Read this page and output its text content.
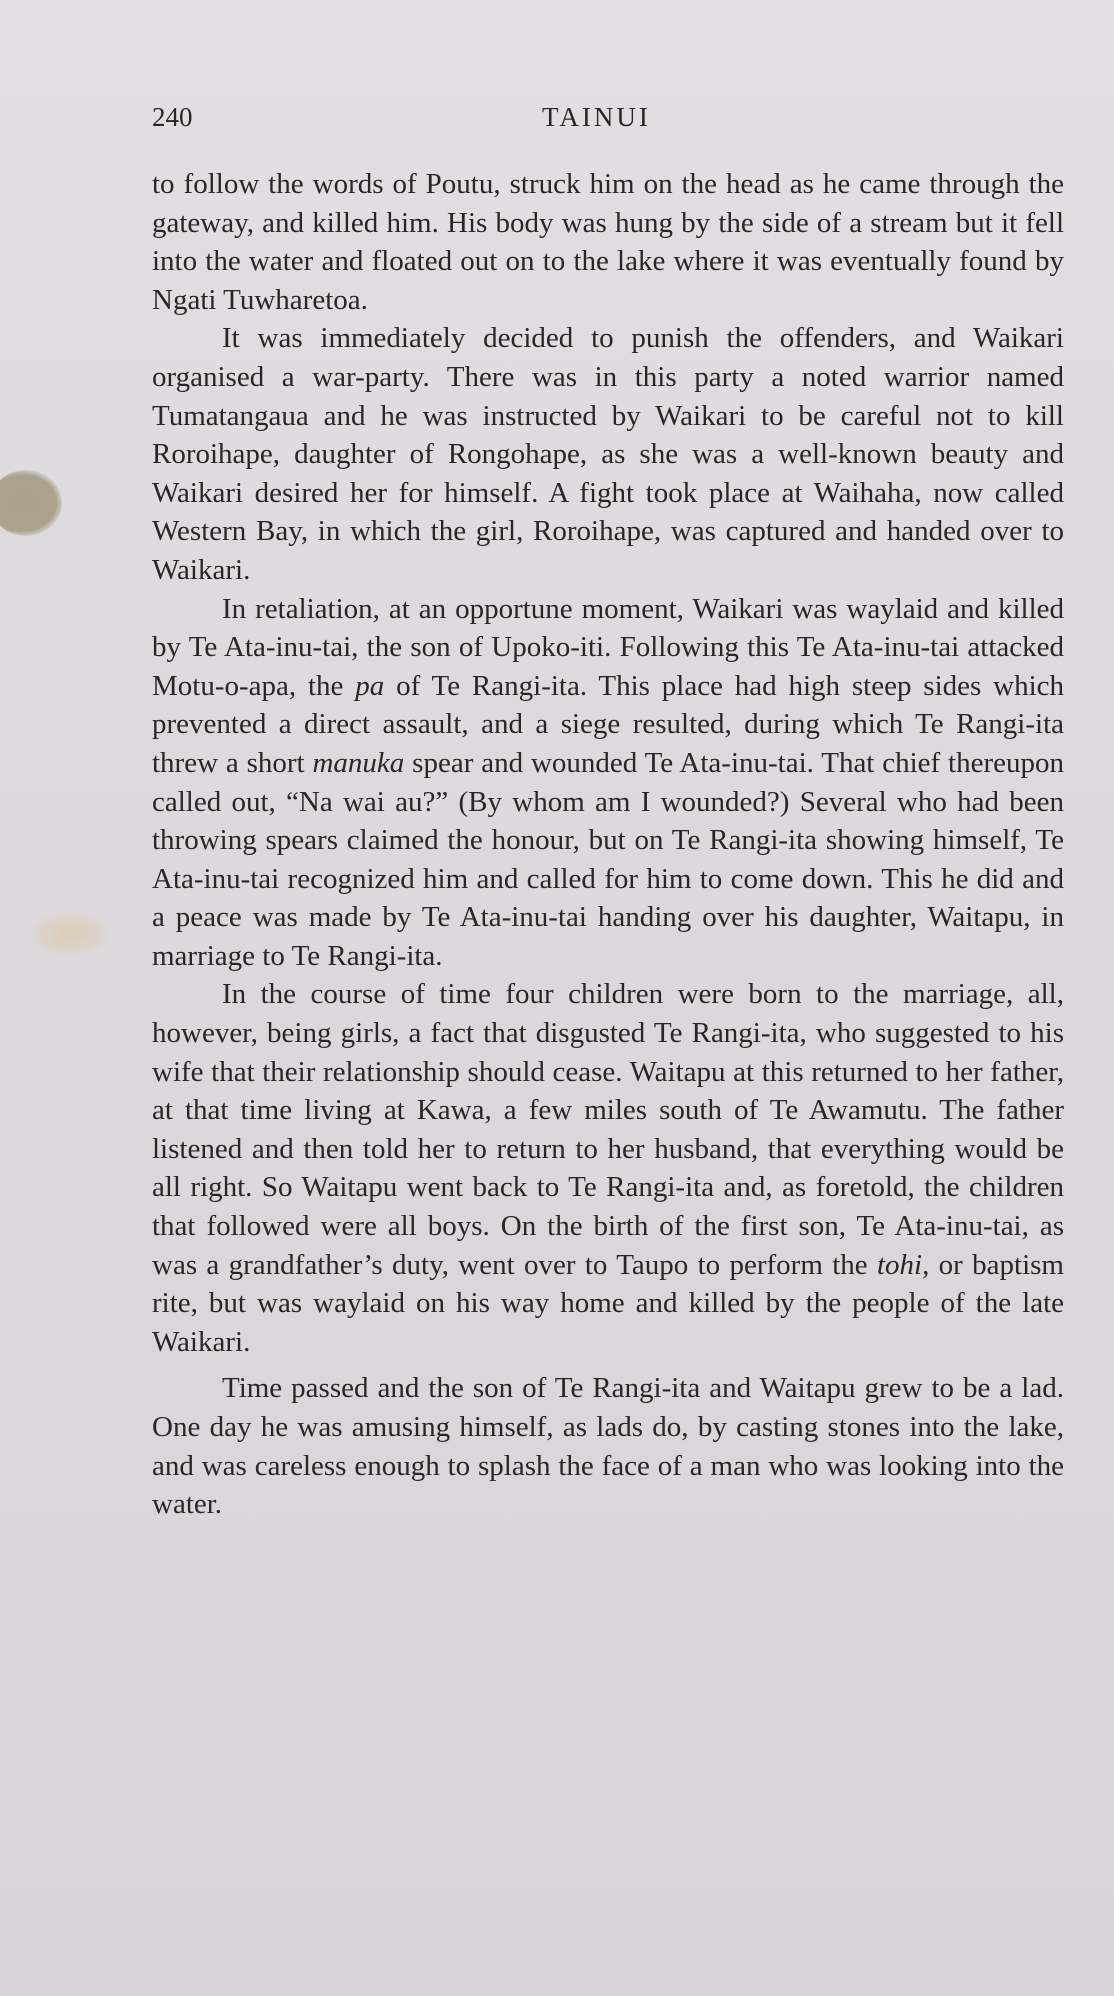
240	TAINUI

to follow the words of Poutu, struck him on the head as he came through the gateway, and killed him. His body was hung by the side of a stream but it fell into the water and floated out on to the lake where it was eventually found by Ngati Tuwharetoa.

It was immediately decided to punish the offenders, and Waikari organised a war-party. There was in this party a noted warrior named Tumatangaua and he was instructed by Waikari to be careful not to kill Roroihape, daughter of Rongohape, as she was a well-known beauty and Waikari desired her for himself. A fight took place at Waihaha, now called Western Bay, in which the girl, Roroihape, was captured and handed over to Waikari.

In retaliation, at an opportune moment, Waikari was waylaid and killed by Te Ata-inu-tai, the son of Upoko-iti. Following this Te Ata-inu-tai attacked Motu-o-apa, the pa of Te Rangi-ita. This place had high steep sides which prevented a direct assault, and a siege resulted, during which Te Rangi-ita threw a short manuka spear and wounded Te Ata-inu-tai. That chief thereupon called out, “Na wai au?” (By whom am I wounded?) Several who had been throwing spears claimed the honour, but on Te Rangi-ita showing himself, Te Ata-inu-tai recognized him and called for him to come down. This he did and a peace was made by Te Ata-inu-tai handing over his daughter, Waitapu, in marriage to Te Rangi-ita.

In the course of time four children were born to the marriage, all, however, being girls, a fact that disgusted Te Rangi-ita, who suggested to his wife that their relationship should cease. Waitapu at this returned to her father, at that time living at Kawa, a few miles south of Te Awamutu. The father listened and then told her to return to her husband, that everything would be all right. So Waitapu went back to Te Rangi-ita and, as foretold, the children that followed were all boys. On the birth of the first son, Te Ata-inu-tai, as was a grandfather’s duty, went over to Taupo to perform the tohi, or baptism rite, but was waylaid on his way home and killed by the people of the late Waikari.

Time passed and the son of Te Rangi-ita and Waitapu grew to be a lad. One day he was amusing himself, as lads do, by casting stones into the lake, and was careless enough to splash the face of a man who was looking into the water.
